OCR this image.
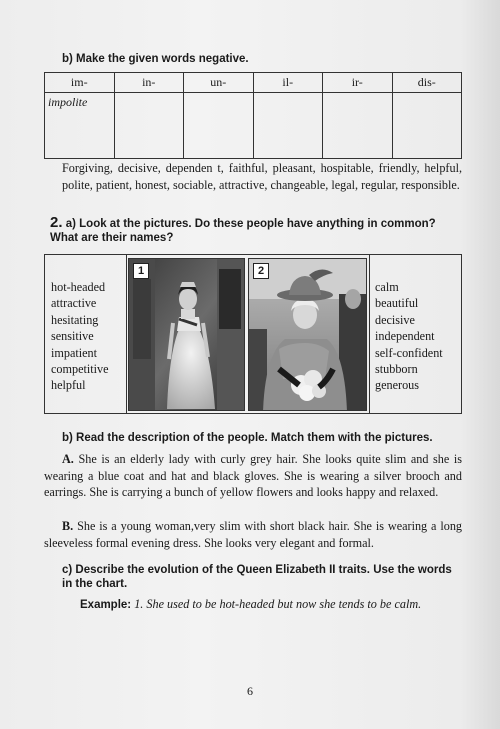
b) Make the given words negative.
im-	in-	un-	il-	ir-	dis-
impolite					
Forgiving, decisive, dependen t, faithful, pleasant, hospitable, friendly, helpful, polite, patient, honest, sociable, attractive, changeable, legal, regular, responsible.
2. a) Look at the pictures. Do these people have anything in common? What are their names?
hot-headed
attractive
hesitating
sensitive
impatient
competitive
helpful
1	2
calm
beautiful
decisive
independent
self-confident
stubborn
generous
b) Read the description of the people. Match them with the pictures.
A. She is an elderly lady with curly grey hair. She looks quite slim and she is wearing a blue coat and hat and black gloves. She is wearing a silver brooch and earrings. She is carrying a bunch of yellow flowers and looks happy and relaxed.
B. She is a young woman,very slim with short black hair. She is wearing a long sleeveless formal evening dress. She looks very elegant and formal.
c) Describe the evolution of the Queen Elizabeth II traits. Use the words in the chart.
Example: 1. She used to be hot-headed but now she tends to be calm.
6
